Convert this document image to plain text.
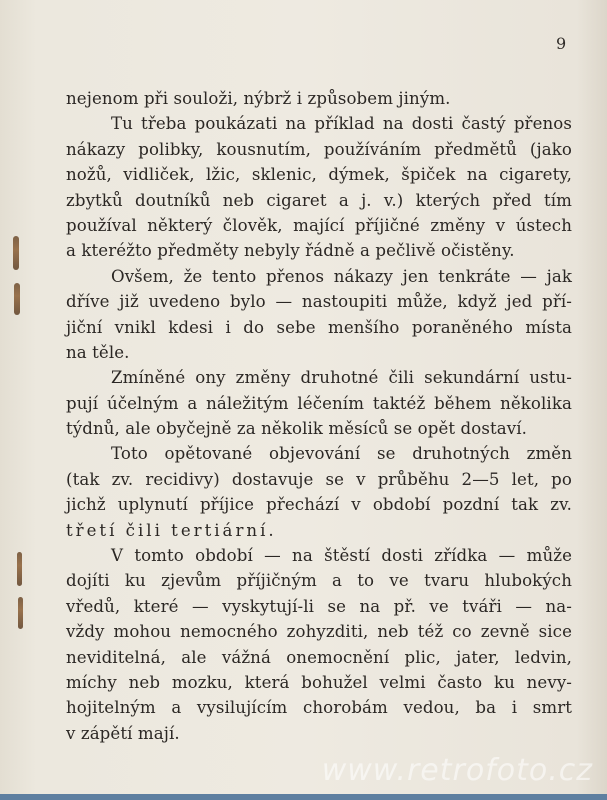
9
nejenom při souloži, nýbrž i způsobem jiným.
Tu třeba poukázati na příklad na dosti častý přenos
nákazy polibky, kousnutím, používáním předmětů (jako
nožů, vidliček, lžic, sklenic, dýmek, špiček na cigarety,
zbytků doutníků neb cigaret a j. v.) kterých před tím
používal některý člověk, mající příjičné změny v ústech
a kteréžto předměty nebyly řádně a pečlivě očistěny.
Ovšem, že tento přenos nákazy jen tenkráte — jak
dříve již uvedeno bylo — nastoupiti může, když jed pří-
jiční vnikl kdesi i do sebe menšího poraněného místa
na těle.
Zmíněné ony změny druhotné čili sekundární ustu-
pují účelným a náležitým léčením taktéž během několika
týdnů, ale obyčejně za několik měsíců se opět dostaví.
Toto opětované objevování se druhotných změn
(tak zv. recidivy) dostavuje se v průběhu 2—5 let, po
jichž uplynutí příjice přechází v období pozdní tak zv.
třetí čili tertiární.
V tomto období — na štěstí dosti zřídka — může
dojíti ku zjevům příjičným a to ve tvaru hlubokých
vředů, které — vyskytují-li se na př. ve tváři — na-
vždy mohou nemocného zohyzditi, neb též co zevně sice
neviditelná, ale vážná onemocnění plic, jater, ledvin,
míchy neb mozku, která bohužel velmi často ku nevy-
hojitelným a vysilujícím chorobám vedou, ba i smrt
v zápětí mají.
www.retrofoto.cz
